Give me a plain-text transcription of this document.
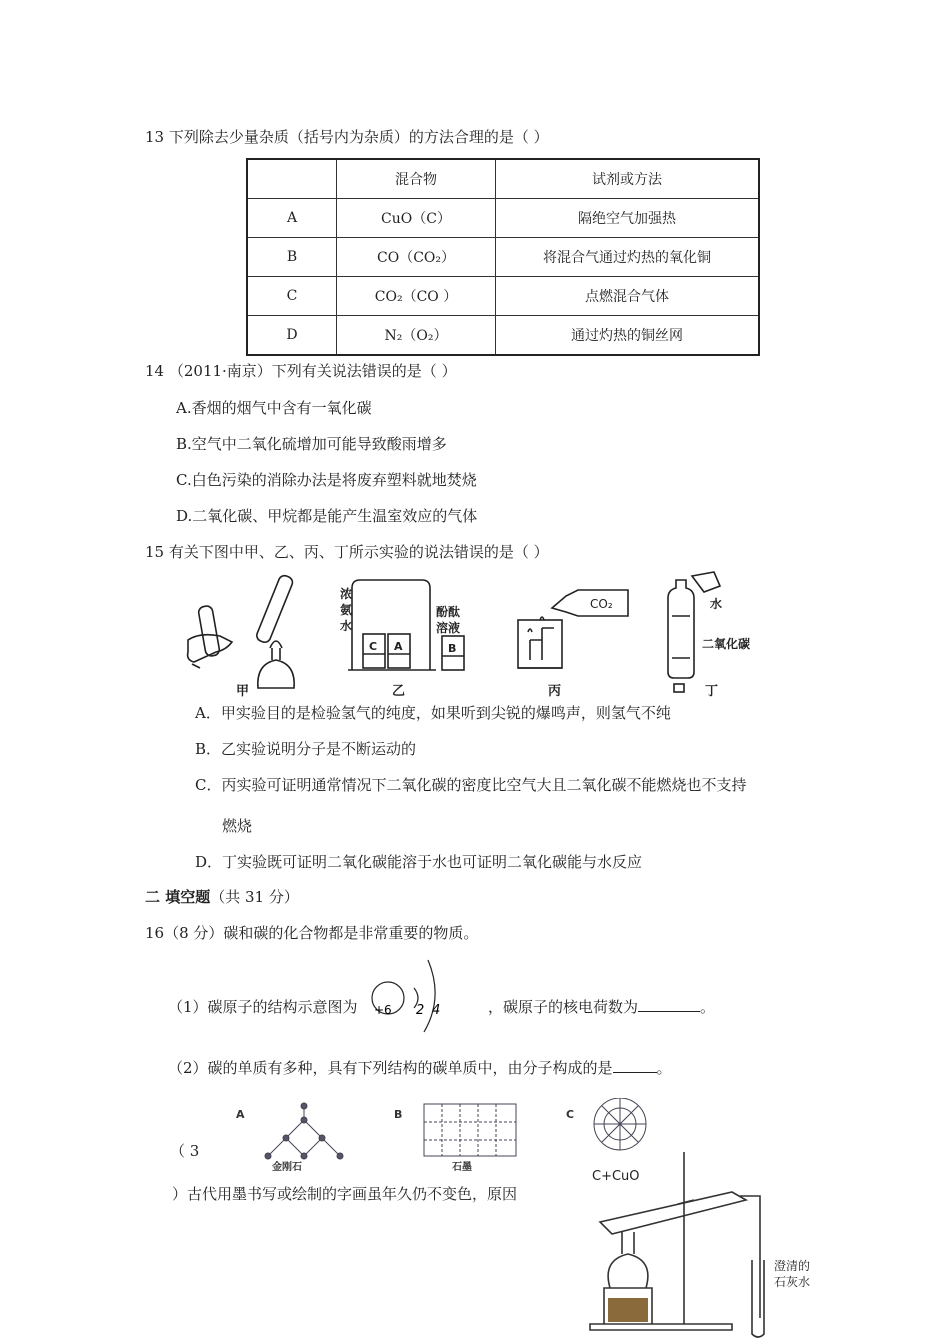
13 下列除去少量杂质（括号内为杂质）的方法合理的是（ ）
	混合物	试剂或方法
A	CuO（C）	隔绝空气加强热
B	CO（CO₂）	将混合气通过灼热的氧化铜
C	CO₂（CO ）	点燃混合气体
D	N₂（O₂）	通过灼热的铜丝网
14 （2011·南京）下列有关说法错误的是（ ）
A.香烟的烟气中含有一氧化碳
B.空气中二氧化硫增加可能导致酸雨增多
C.白色污染的消除办法是将废弃塑料就地焚烧
D.二氧化碳、甲烷都是能产生温室效应的气体
15 有关下图中甲、乙、丙、丁所示实验的说法错误的是（ ）
浓
氨
水
酚酞
溶液
C A	B
CO₂	水
二氧化碳
甲	乙	丙	丁
A．甲实验目的是检验氢气的纯度，如果听到尖锐的爆鸣声，则氢气不纯
B．乙实验说明分子是不断运动的
C．丙实验可证明通常情况下二氧化碳的密度比空气大且二氧化碳不能燃烧也不支持
燃烧
D．丁实验既可证明二氧化碳能溶于水也可证明二氧化碳能与水反应
二 填空题（共 31 分）
16（8 分）碳和碳的化合物都是非常重要的物质。
（1）碳原子的结构示意图为 +6 2 4	，碳原子的核电荷数为	。
（2）碳的单质有多种，具有下列结构的碳单质中，由分子构成的是	。
A	B	C
金刚石	石墨
（ 3
）古代用墨书写或绘制的字画虽年久仍不变色，原因
C+CuO
澄清的
石灰水
